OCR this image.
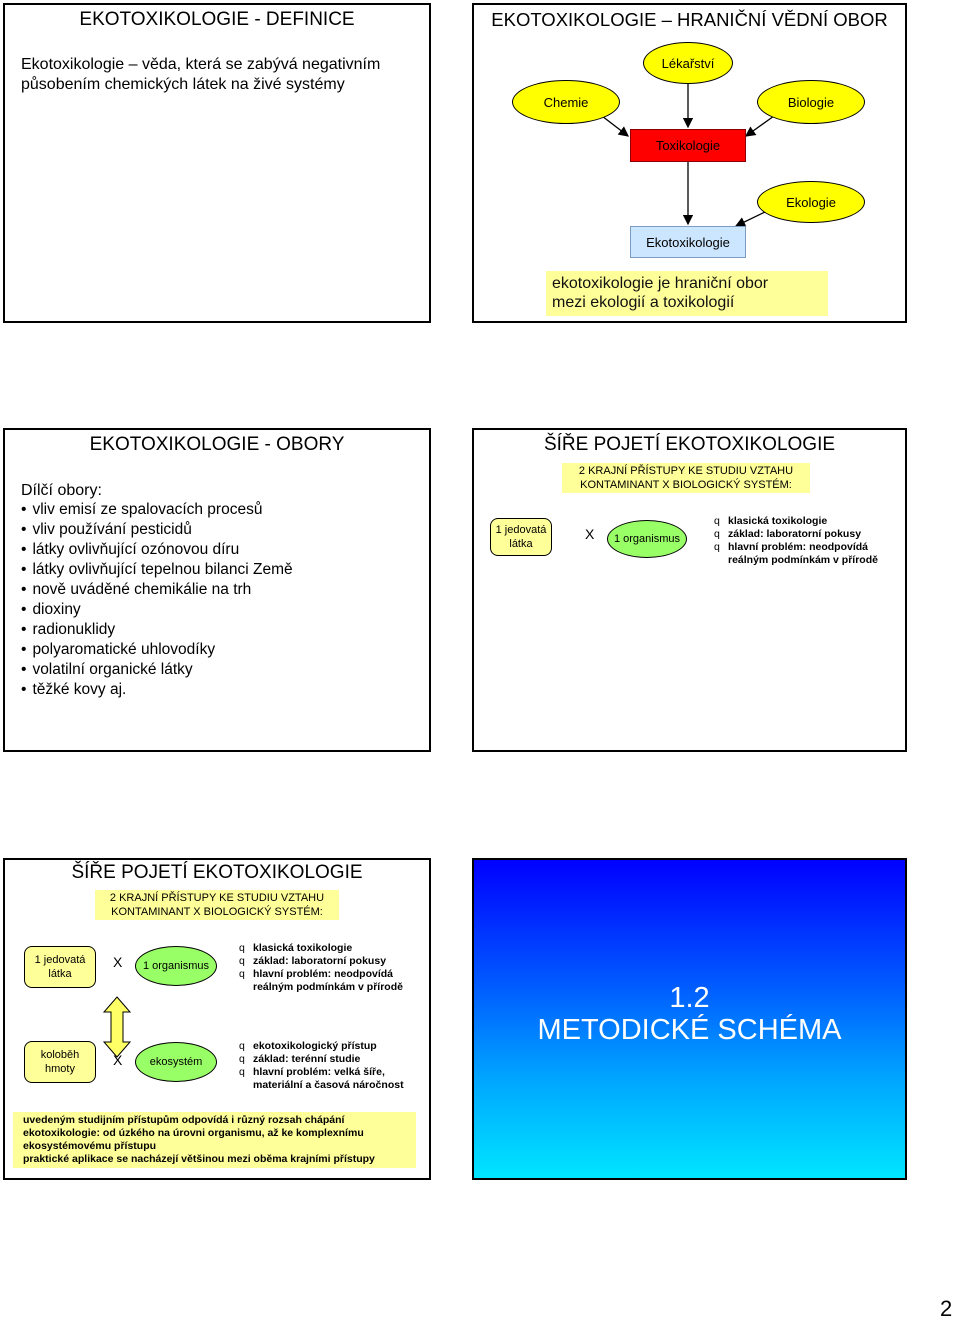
EKOTOXIKOLOGIE - DEFINICE
Ekotoxikologie – věda, která se zabývá negativním působením chemických látek na živé systémy
EKOTOXIKOLOGIE – HRANIČNÍ VĚDNÍ OBOR
Lékařství
Chemie	Biologie
Toxikologie
Ekologie
Ekotoxikologie
ekotoxikologie je hraniční obor
mezi ekologií a toxikologií
EKOTOXIKOLOGIE - OBORY
Dílčí obory:
• vliv emisí ze spalovacích procesů
• vliv používání pesticidů
• látky ovlivňující ozónovou díru
• látky ovlivňující tepelnou bilanci Země
• nově uváděné chemikálie na trh
• dioxiny
• radionuklidy
• polyaromatické uhlovodíky
• volatilní organické látky
• těžké kovy aj.
ŠÍŘE POJETÍ EKOTOXIKOLOGIE
2 KRAJNÍ PŘÍSTUPY KE STUDIU VZTAHU
KONTAMINANT X BIOLOGICKÝ SYSTÉM:
1 jedovatá látka
X	1 organismus
q klasická toxikologie
q základ: laboratorní pokusy
q hlavní problém: neodpovídá reálným podmínkám v přírodě
ŠÍŘE POJETÍ EKOTOXIKOLOGIE
2 KRAJNÍ PŘÍSTUPY KE STUDIU VZTAHU
KONTAMINANT X BIOLOGICKÝ SYSTÉM:
1 jedovatá látka
X	1 organismus
q klasická toxikologie
q základ: laboratorní pokusy
q hlavní problém: neodpovídá reálným podmínkám v přírodě
koloběh hmoty
X	ekosystém
q ekotoxikologický přístup
q základ: terénní studie
q hlavní problém: velká šíře, materiální a časová náročnost
uvedeným studijním přístupům odpovídá i různý rozsah chápání
ekotoxikologie: od úzkého na úrovni organismu, až ke komplexnímu
ekosystémovému přístupu
praktické aplikace se nacházejí většinou mezi oběma krajními přístupy
1.2
METODICKÉ SCHÉMA
2
